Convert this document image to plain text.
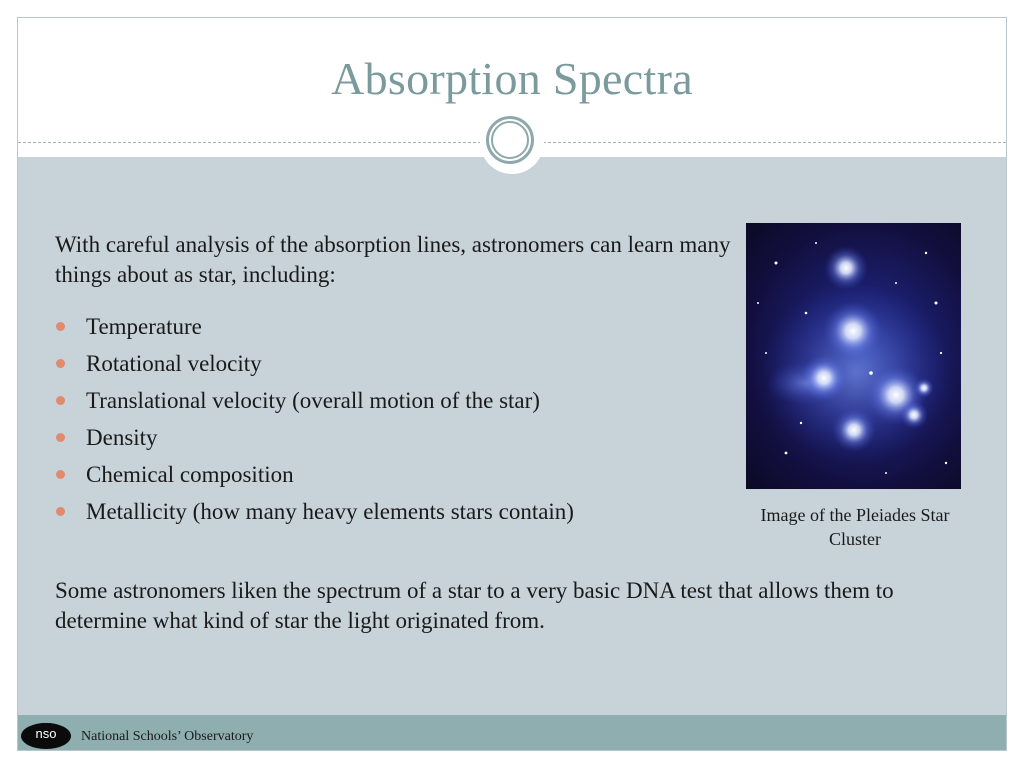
Absorption Spectra

With careful analysis of the absorption lines, astronomers can learn many things about as star, including:

Temperature
Rotational velocity
Translational velocity (overall motion of the star)
Density
Chemical composition
Metallicity (how many heavy elements stars contain)

Some astronomers liken the spectrum of a star to a very basic DNA test that allows them to determine what kind of star the light originated from.

Image of the Pleiades Star Cluster
nso National Schools’ Observatory
